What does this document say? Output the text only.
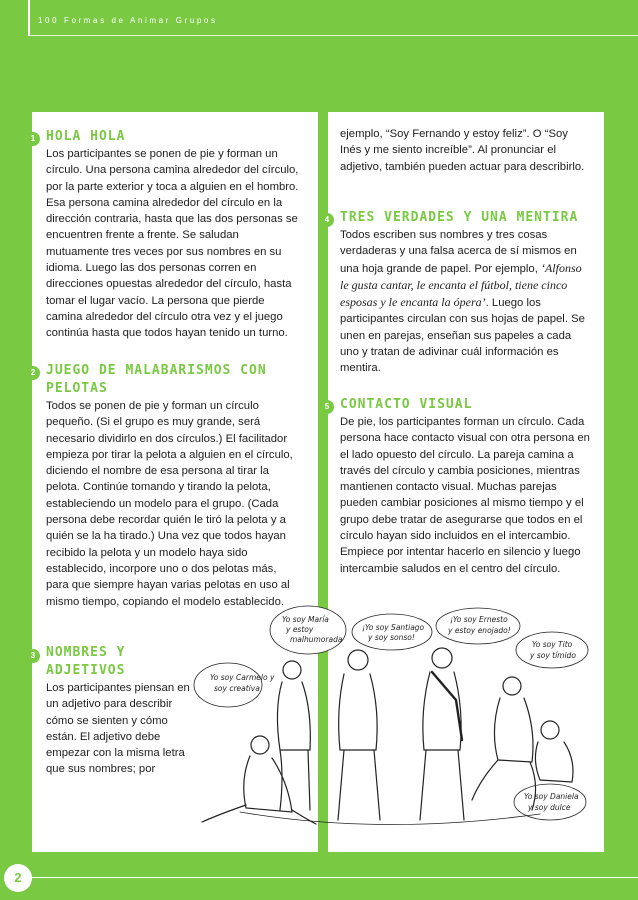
100 Formas de Animar Grupos
1 HOLA HOLA
Los participantes se ponen de pie y forman un círculo. Una persona camina alrededor del círculo, por la parte exterior y toca a alguien en el hombro. Esa persona camina alrededor del círculo en la dirección contraria, hasta que las dos personas se encuentren frente a frente. Se saludan mutuamente tres veces por sus nombres en su idioma. Luego las dos personas corren en direcciones opuestas alrededor del círculo, hasta tomar el lugar vacío. La persona que pierde camina alrededor del círculo otra vez y el juego continúa hasta que todos hayan tenido un turno.
2 JUEGO DE MALABARISMOS CON PELOTAS
Todos se ponen de pie y forman un círculo pequeño. (Si el grupo es muy grande, será necesario dividirlo en dos círculos.) El facilitador empieza por tirar la pelota a alguien en el círculo, diciendo el nombre de esa persona al tirar la pelota. Continúe tomando y tirando la pelota, estableciendo un modelo para el grupo. (Cada persona debe recordar quién le tiró la pelota y a quién se la ha tirado.) Una vez que todos hayan recibido la pelota y un modelo haya sido establecido, incorpore uno o dos pelotas más, para que siempre hayan varias pelotas en uso al mismo tiempo, copiando el modelo establecido.
3 NOMBRES Y ADJETIVOS
Los participantes piensan en un adjetivo para describir cómo se sienten y cómo están. El adjetivo debe empezar con la misma letra que sus nombres; por
ejemplo, “Soy Fernando y estoy feliz”. O “Soy Inés y me siento increíble”. Al pronunciar el adjetivo, también pueden actuar para describirlo.
4 TRES VERDADES Y UNA MENTIRA
Todos escriben sus nombres y tres cosas verdaderas y una falsa acerca de sí mismos en una hoja grande de papel. Por ejemplo, ‘Alfonso le gusta cantar, le encanta el fútbol, tiene cinco esposas y le encanta la ópera’. Luego los participantes circulan con sus hojas de papel. Se unen en parejas, enseñan sus papeles a cada uno y tratan de adivinar cuál información es mentira.
5 CONTACTO VISUAL
De pie, los participantes forman un círculo. Cada persona hace contacto visual con otra persona en el lado opuesto del círculo. La pareja camina a través del círculo y cambia posiciones, mientras mantienen contacto visual. Muchas parejas pueden cambiar posiciones al mismo tiempo y el grupo debe tratar de asegurarse que todos en el círculo hayan sido incluidos en el intercambio. Empiece por intentar hacerlo en silencio y luego intercambie saludos en el centro del círculo.
Yo soy Carmelo y
soy creativa
Yo soy María
y estoy
malhumorada
¡Yo soy Santiago
y soy sonso!
¡Yo soy Ernesto
y estoy enojado!
Yo soy Tito
y soy tímido
Yo soy Daniela
y soy dulce
2
